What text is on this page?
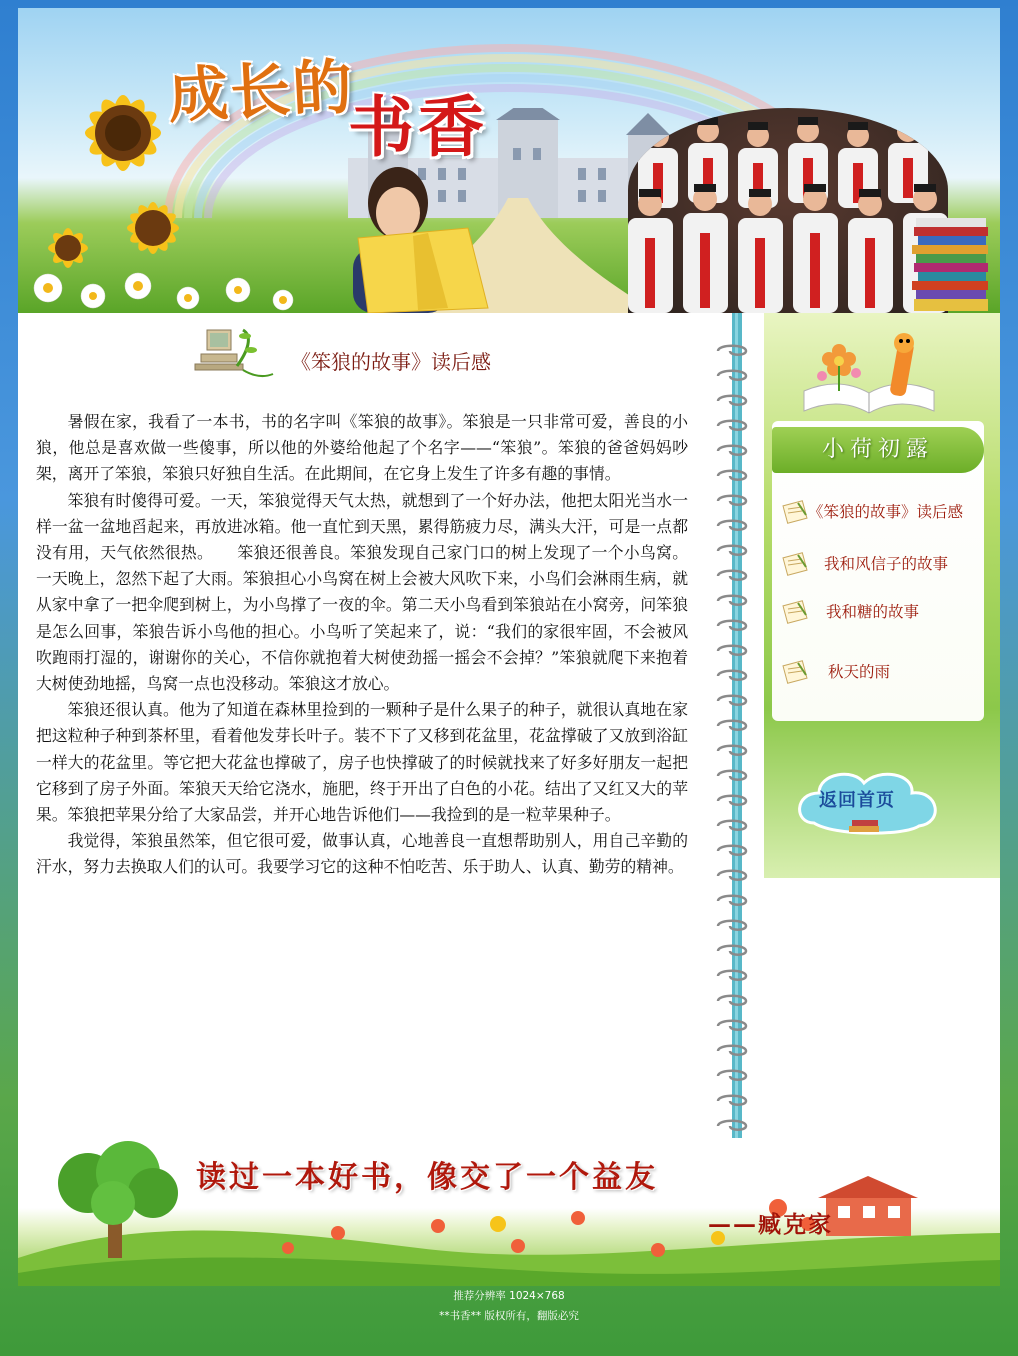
成长的
书香
《笨狼的故事》读后感

暑假在家，我看了一本书，书的名字叫《笨狼的故事》。笨狼是一只非常可爱，善良的小狼，他总是喜欢做一些傻事，所以他的外婆给他起了个名字——“笨狼”。笨狼的爸爸妈妈吵架，离开了笨狼，笨狼只好独自生活。在此期间，在它身上发生了许多有趣的事情。

笨狼有时傻得可爱。一天，笨狼觉得天气太热，就想到了一个好办法，他把太阳光当水一样一盆一盆地舀起来，再放进冰箱。他一直忙到天黑，累得筋疲力尽，满头大汗，可是一点都没有用，天气依然很热。　　笨狼还很善良。笨狼发现自己家门口的树上发现了一个小鸟窝。一天晚上，忽然下起了大雨。笨狼担心小鸟窝在树上会被大风吹下来，小鸟们会淋雨生病，就从家中拿了一把伞爬到树上，为小鸟撑了一夜的伞。第二天小鸟看到笨狼站在小窝旁，问笨狼是怎么回事，笨狼告诉小鸟他的担心。小鸟听了笑起来了，说：“我们的家很牢固，不会被风吹跑雨打湿的，谢谢你的关心，不信你就抱着大树使劲摇一摇会不会掉？”笨狼就爬下来抱着大树使劲地摇，鸟窝一点也没移动。笨狼这才放心。

笨狼还很认真。他为了知道在森林里捡到的一颗种子是什么果子的种子，就很认真地在家把这粒种子种到茶杯里，看着他发芽长叶子。装不下了又移到花盆里，花盆撑破了又放到浴缸一样大的花盆里。等它把大花盆也撑破了，房子也快撑破了的时候就找来了好多好朋友一起把它移到了房子外面。笨狼天天给它浇水，施肥，终于开出了白色的小花。结出了又红又大的苹果。笨狼把苹果分给了大家品尝，并开心地告诉他们——我捡到的是一粒苹果种子。

我觉得，笨狼虽然笨，但它很可爱，做事认真，心地善良一直想帮助别人，用自己辛勤的汗水，努力去换取人们的认可。我要学习它的这种不怕吃苦、乐于助人、认真、勤劳的精神。

小荷初露
《笨狼的故事》读后感
我和风信子的故事
我和糖的故事
秋天的雨
返回首页
读过一本好书，像交了一个益友
——臧克家
推荐分辨率 1024×768
**书香** 版权所有，翻版必究
